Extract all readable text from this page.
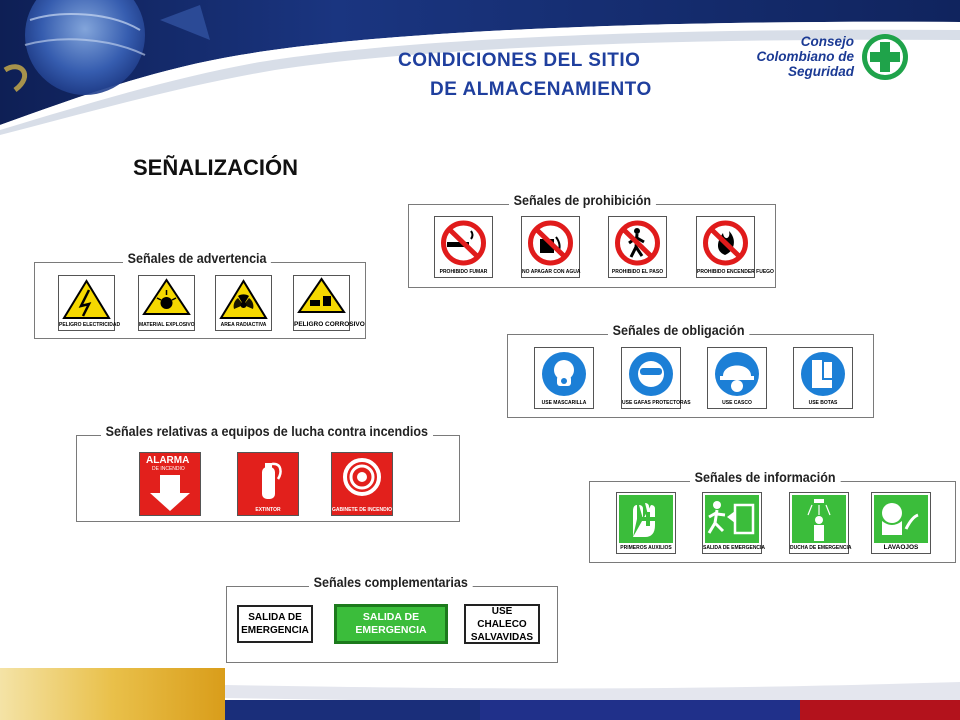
CONDICIONES DEL SITIO
DE ALMACENAMIENTO
Consejo
Colombiano de
Seguridad
SEÑALIZACIÓN
Señales de advertencia
PELIGRO ELECTRICIDAD	MATERIAL EXPLOSIVO	AREA RADIACTIVA	PELIGRO CORROSIVO
Señales de prohibición
PROHIBIDO FUMAR	NO APAGAR CON AGUA	PROHIBIDO EL PASO	PROHIBIDO ENCENDER FUEGO
Señales de obligación
USE MASCARILLA	USE GAFAS PROTECTORAS	USE CASCO	USE BOTAS
Señales relativas a equipos de lucha contra incendios
ALARMA
DE INCENDIO
EXTINTOR	GABINETE DE INCENDIO
Señales de información
PRIMEROS AUXILIOS	SALIDA DE EMERGENCIA	DUCHA DE EMERGENCIA	LAVAOJOS
Señales complementarias
SALIDA DE EMERGENCIA
SALIDA DE EMERGENCIA
USE CHALECO SALVAVIDAS
